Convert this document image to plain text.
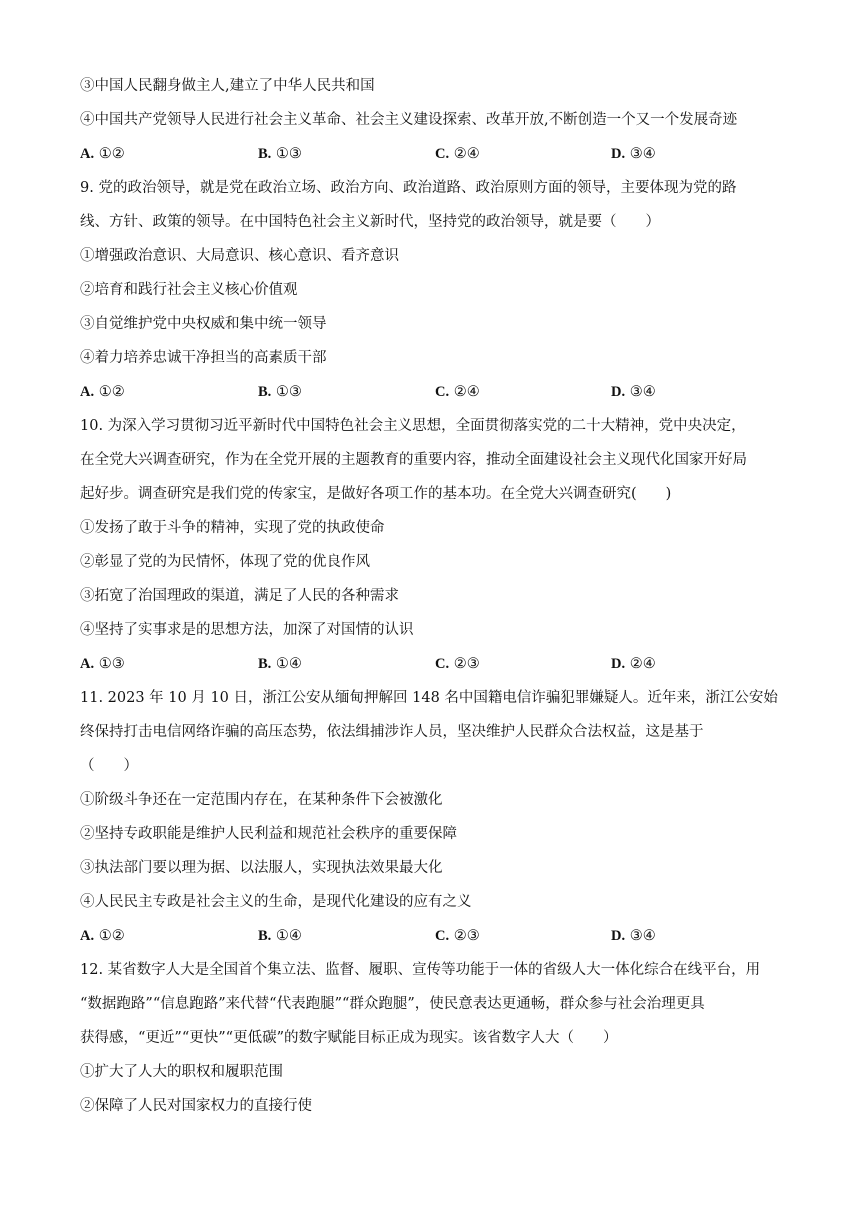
③中国人民翻身做主人,建立了中华人民共和国
④中国共产党领导人民进行社会主义革命、社会主义建设探索、改革开放,不断创造一个又一个发展奇迹
A. ①②	B. ①③	C. ②④	D. ③④
9. 党的政治领导，就是党在政治立场、政治方向、政治道路、政治原则方面的领导，主要体现为党的路
线、方针、政策的领导。在中国特色社会主义新时代，坚持党的政治领导，就是要（　　）
①增强政治意识、大局意识、核心意识、看齐意识
②培育和践行社会主义核心价值观
③自觉维护党中央权威和集中统一领导
④着力培养忠诚干净担当的高素质干部
A. ①②	B. ①③	C. ②④	D. ③④
10. 为深入学习贯彻习近平新时代中国特色社会主义思想，全面贯彻落实党的二十大精神，党中央决定，
在全党大兴调查研究，作为在全党开展的主题教育的重要内容，推动全面建设社会主义现代化国家开好局
起好步。调查研究是我们党的传家宝，是做好各项工作的基本功。在全党大兴调查研究(　　)
①发扬了敢于斗争的精神，实现了党的执政使命
②彰显了党的为民情怀，体现了党的优良作风
③拓宽了治国理政的渠道，满足了人民的各种需求
④坚持了实事求是的思想方法，加深了对国情的认识
A. ①③	B. ①④	C. ②③	D. ②④
11. 2023 年 10 月 10 日，浙江公安从缅甸押解回 148 名中国籍电信诈骗犯罪嫌疑人。近年来，浙江公安始
终保持打击电信网络诈骗的高压态势，依法缉捕涉诈人员，坚决维护人民群众合法权益，这是基于
（　　）
①阶级斗争还在一定范围内存在，在某种条件下会被激化
②坚持专政职能是维护人民利益和规范社会秩序的重要保障
③执法部门要以理为据、以法服人，实现执法效果最大化
④人民民主专政是社会主义的生命，是现代化建设的应有之义
A. ①②	B. ①④	C. ②③	D. ③④
12. 某省数字人大是全国首个集立法、监督、履职、宣传等功能于一体的省级人大一体化综合在线平台，用
“数据跑路”“信息跑路”来代替“代表跑腿”“群众跑腿”，使民意表达更通畅，群众参与社会治理更具
获得感，“更近”“更快”“更低碳”的数字赋能目标正成为现实。该省数字人大（　　）
①扩大了人大的职权和履职范围
②保障了人民对国家权力的直接行使
